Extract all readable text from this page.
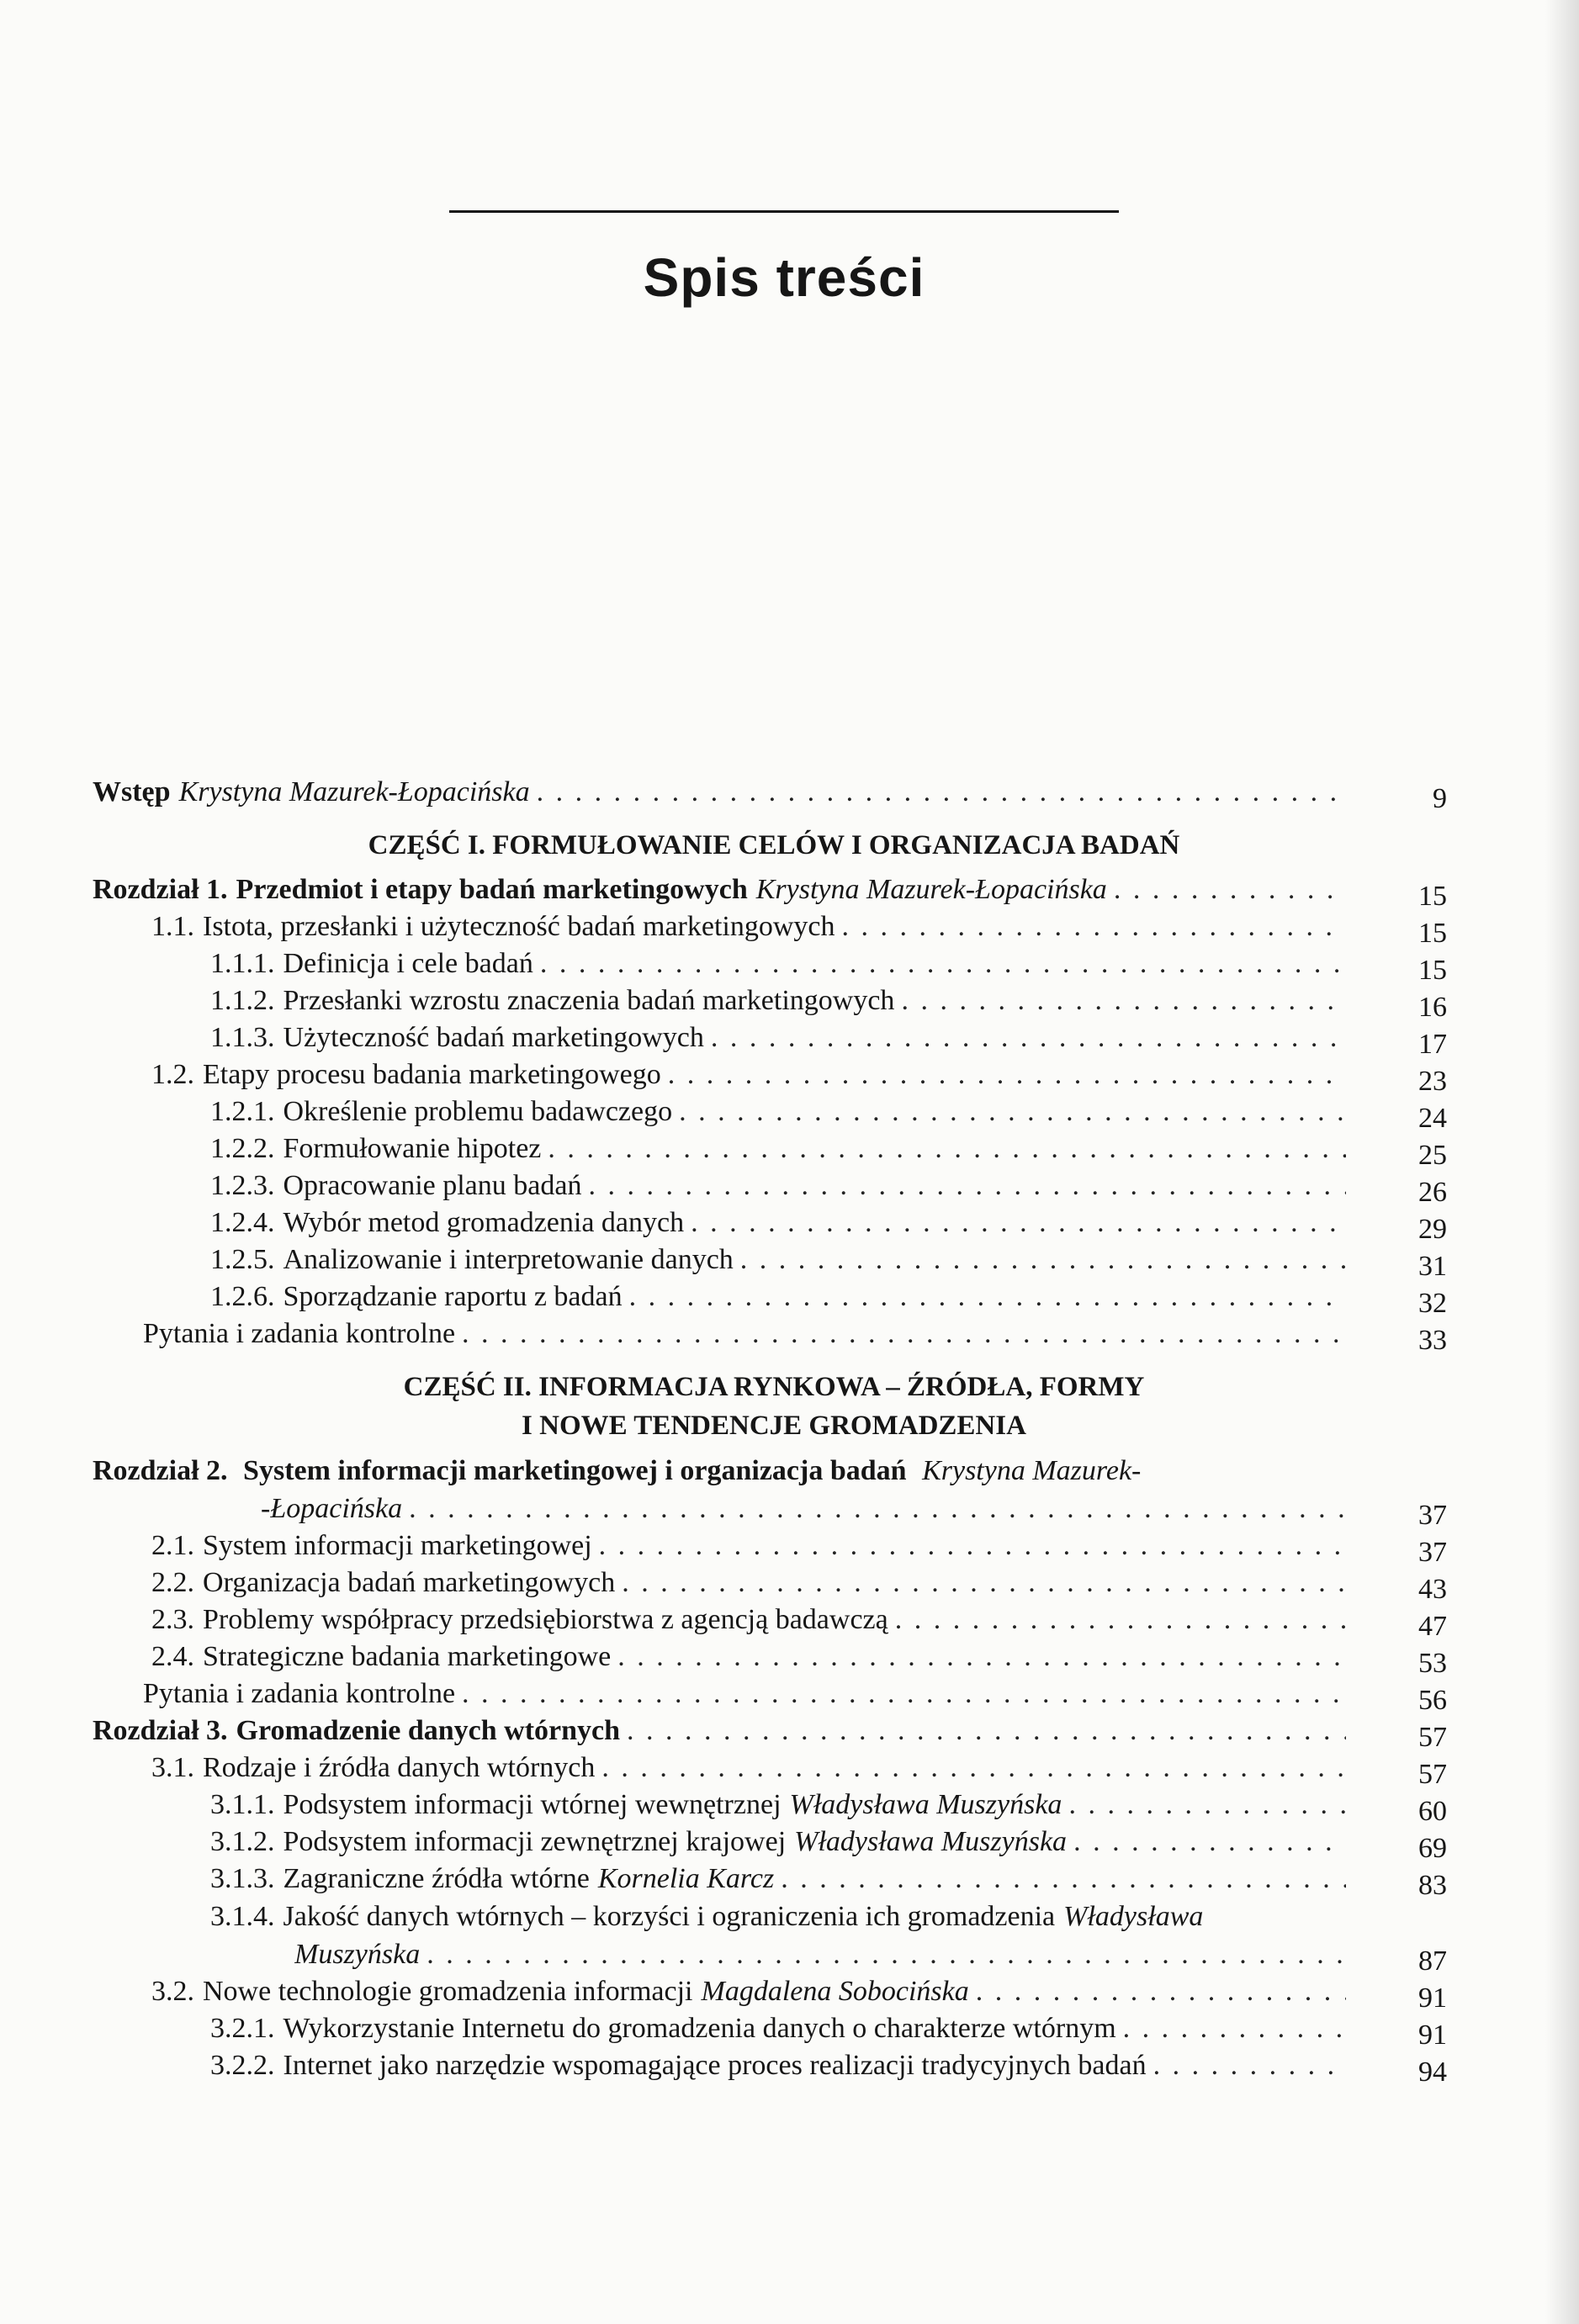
Spis treści
Wstęp Krystyna Mazurek-Łopacińska . . .	9
CZĘŚĆ I. FORMUŁOWANIE CELÓW I ORGANIZACJA BADAŃ
Rozdział 1. Przedmiot i etapy badań marketingowych Krystyna Mazurek-Łopacińska . . .	15
1.1. Istota, przesłanki i użyteczność badań marketingowych . . .	15
1.1.1. Definicja i cele badań . . .	15
1.1.2. Przesłanki wzrostu znaczenia badań marketingowych . . .	16
1.1.3. Użyteczność badań marketingowych . . .	17
1.2. Etapy procesu badania marketingowego . . .	23
1.2.1. Określenie problemu badawczego . . .	24
1.2.2. Formułowanie hipotez . . .	25
1.2.3. Opracowanie planu badań . . .	26
1.2.4. Wybór metod gromadzenia danych . . .	29
1.2.5. Analizowanie i interpretowanie danych . . .	31
1.2.6. Sporządzanie raportu z badań . . .	32
Pytania i zadania kontrolne . . .	33
CZĘŚĆ II. INFORMACJA RYNKOWA – ŹRÓDŁA, FORMY
I NOWE TENDENCJE GROMADZENIA
Rozdział 2. System informacji marketingowej i organizacja badań Krystyna Mazurek-
-Łopacińska . . .	37
2.1. System informacji marketingowej . . .	37
2.2. Organizacja badań marketingowych . . .	43
2.3. Problemy współpracy przedsiębiorstwa z agencją badawczą . . .	47
2.4. Strategiczne badania marketingowe . . .	53
Pytania i zadania kontrolne . . .	56
Rozdział 3. Gromadzenie danych wtórnych . . .	57
3.1. Rodzaje i źródła danych wtórnych . . .	57
3.1.1. Podsystem informacji wtórnej wewnętrznej Władysława Muszyńska . . .	60
3.1.2. Podsystem informacji zewnętrznej krajowej Władysława Muszyńska . . .	69
3.1.3. Zagraniczne źródła wtórne Kornelia Karcz . . .	83
3.1.4. Jakość danych wtórnych – korzyści i ograniczenia ich gromadzenia Władysława
Muszyńska . . .	87
3.2. Nowe technologie gromadzenia informacji Magdalena Sobocińska . . .	91
3.2.1. Wykorzystanie Internetu do gromadzenia danych o charakterze wtórnym . . .	91
3.2.2. Internet jako narzędzie wspomagające proces realizacji tradycyjnych badań . . .	94
